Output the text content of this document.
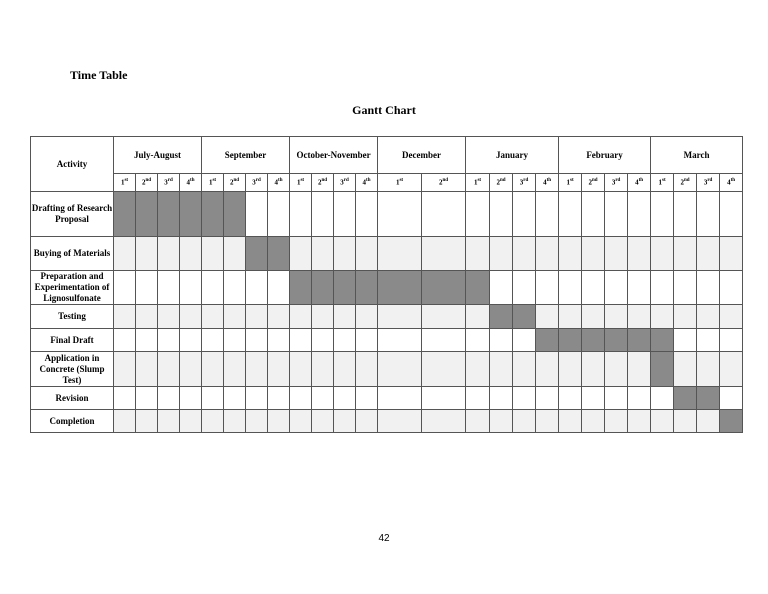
Time Table
Gantt Chart
Activity	July-August				September				October-November				December		January				February				March			
	1st	2nd	3rd	4th	1st	2nd	3rd	4th	1st	2nd	3rd	4th	1st	2nd	1st	2nd	3rd	4th	1st	2nd	3rd	4th	1st	2nd	3rd	4th
Drafting of Research Proposal																										
Buying of Materials																										
Preparation and Experimentation of Lignosulfonate																										
Testing																										
Final Draft																										
Application in Concrete (Slump Test)																										
Revision																										
Completion																										
42
